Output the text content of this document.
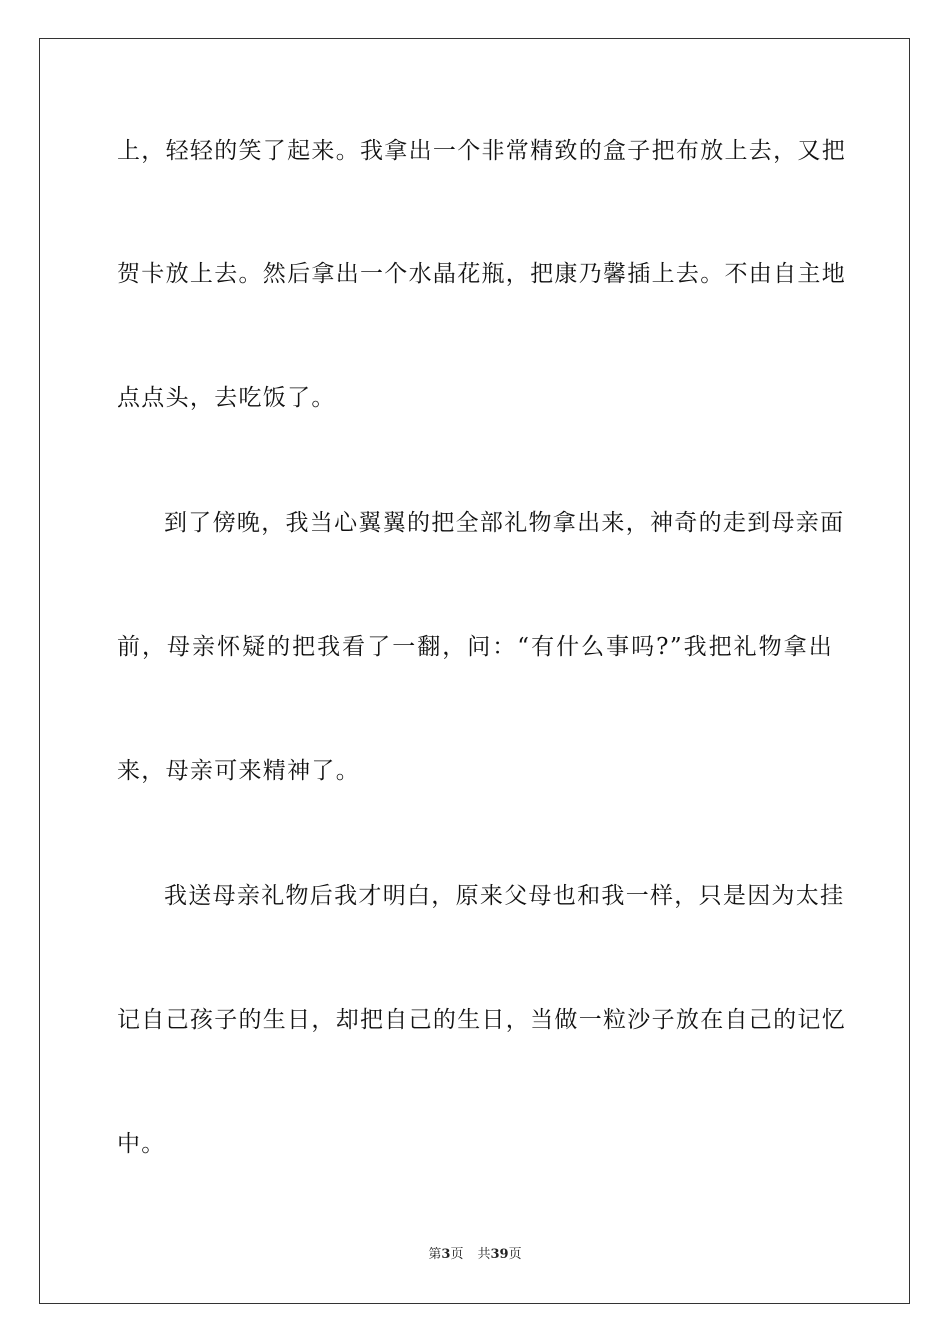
上，轻轻的笑了起来。我拿出一个非常精致的盒子把布放上去，又把
贺卡放上去。然后拿出一个水晶花瓶，把康乃馨插上去。不由自主地
点点头，去吃饭了。
到了傍晚，我当心翼翼的把全部礼物拿出来，神奇的走到母亲面
前，母亲怀疑的把我看了一翻，问：“有什么事吗?”我把礼物拿出
来，母亲可来精神了。
我送母亲礼物后我才明白，原来父母也和我一样，只是因为太挂
记自己孩子的生日，却把自己的生日，当做一粒沙子放在自己的记忆
中。
第3页 共39页
